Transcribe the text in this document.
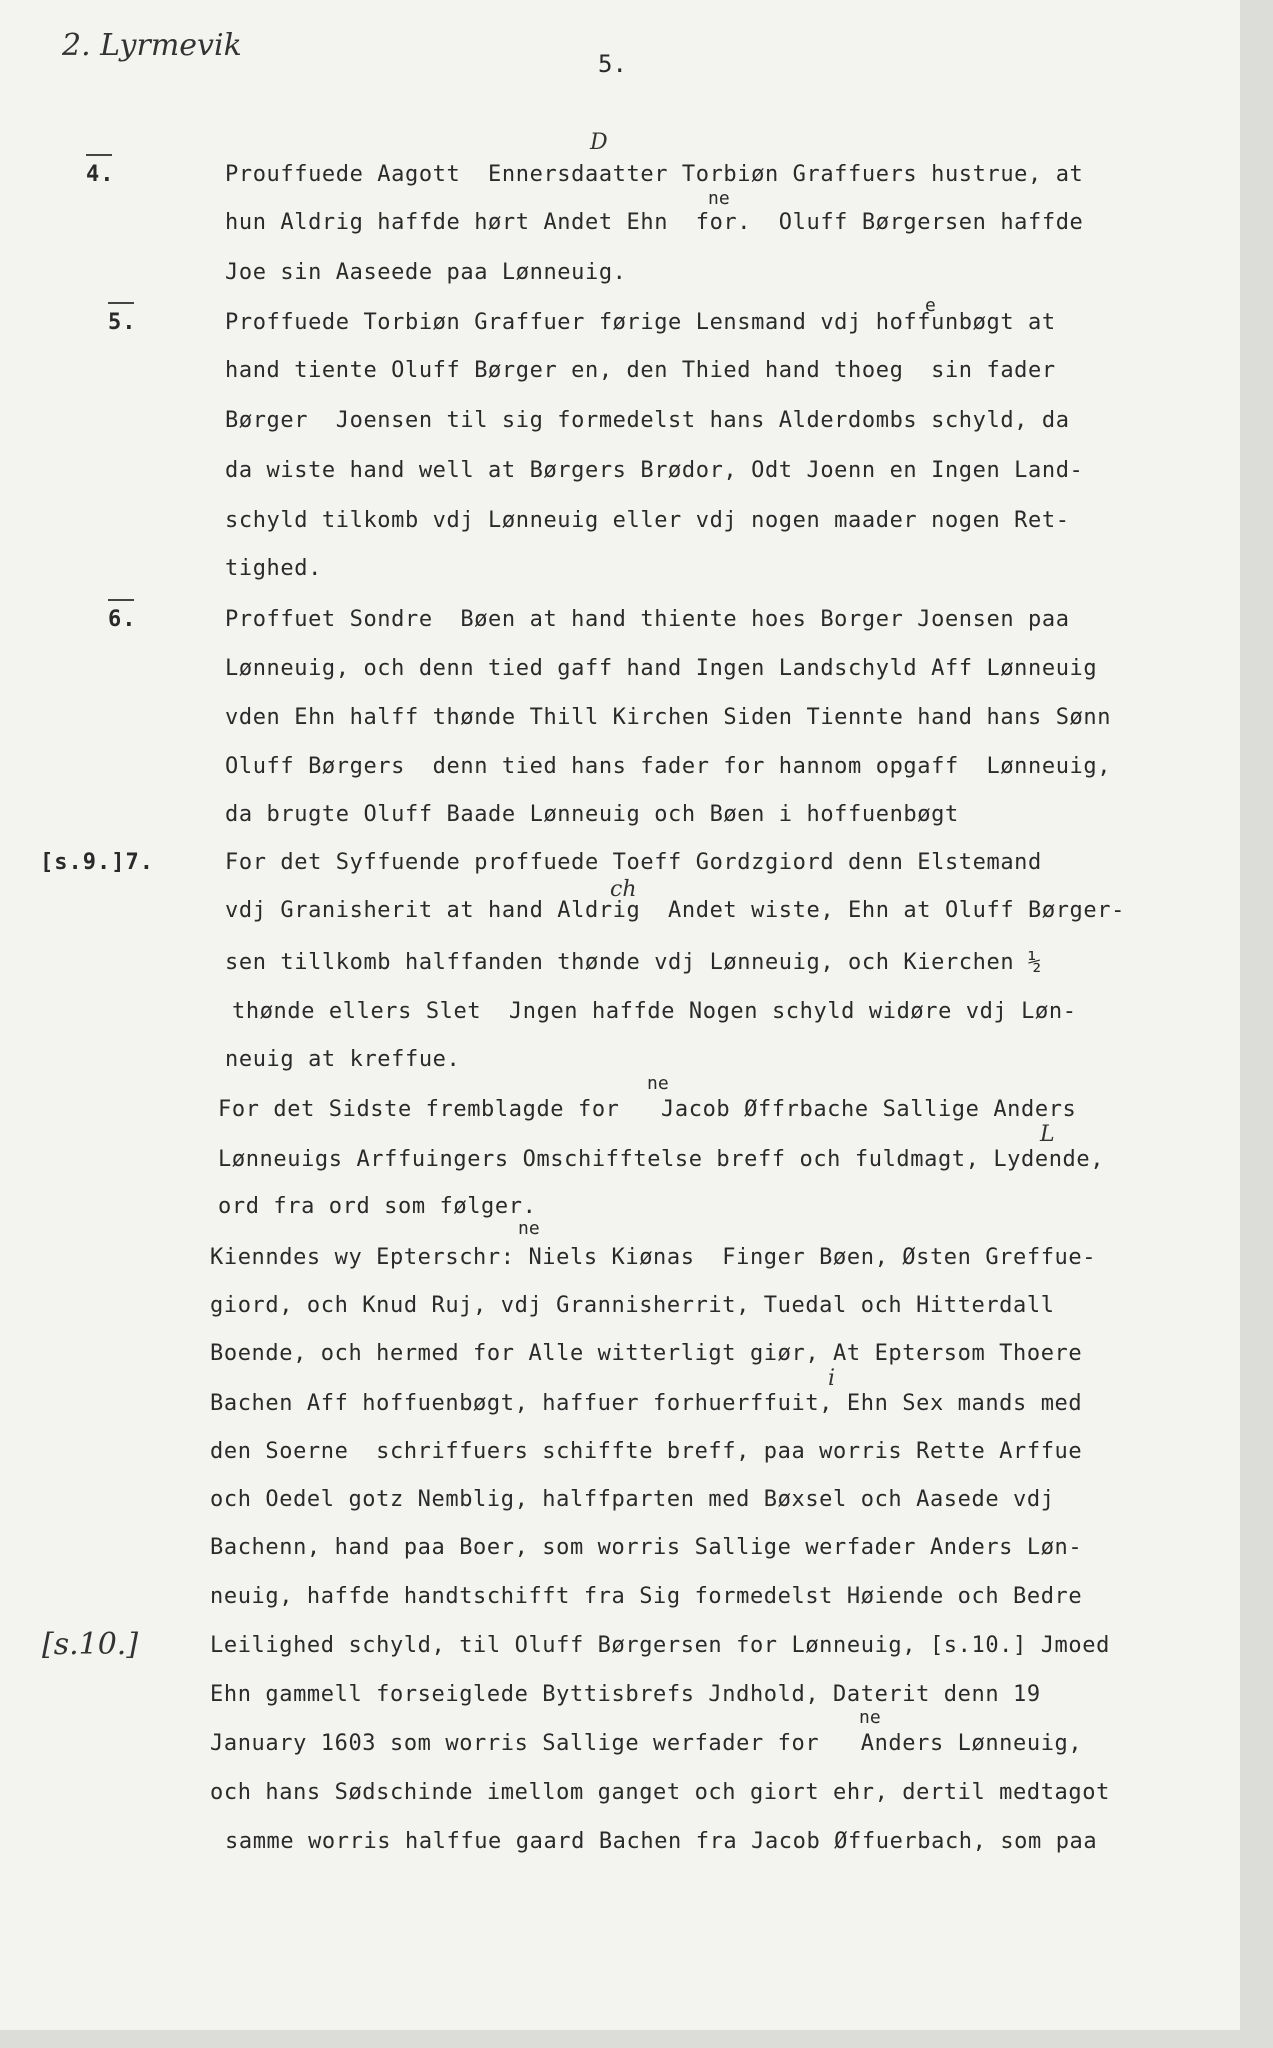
2. Lyrmevik
5.
[s.10.]
4.
5.
6.
[s.9.]7.
D
ne
e
ch
ne
L
ne
i
ne
Prouffuede Aagott  Ennersdaatter Torbiøn Graffuers hustrue, at
hun Aldrig haffde hørt Andet Ehn  for.  Oluff Børgersen haffde
Joe sin Aaseede paa Lønneuig.
Proffuede Torbiøn Graffuer førige Lensmand vdj hoffunbøgt at
hand tiente Oluff Børger en, den Thied hand thoeg  sin fader
Børger  Joensen til sig formedelst hans Alderdombs schyld, da
da wiste hand well at Børgers Brødor, Odt Joenn en Ingen Land-
schyld tilkomb vdj Lønneuig eller vdj nogen maader nogen Ret-
tighed.
Proffuet Sondre  Bøen at hand thiente hoes Borger Joensen paa
Lønneuig, och denn tied gaff hand Ingen Landschyld Aff Lønneuig
vden Ehn halff thønde Thill Kirchen Siden Tiennte hand hans Sønn
Oluff Børgers  denn tied hans fader for hannom opgaff  Lønneuig,
da brugte Oluff Baade Lønneuig och Bøen i hoffuenbøgt
For det Syffuende proffuede Toeff Gordzgiord denn Elstemand
vdj Granisherit at hand Aldrig  Andet wiste, Ehn at Oluff Børger-
sen tillkomb halffanden thønde vdj Lønneuig, och Kierchen ½
thønde ellers Slet  Jngen haffde Nogen schyld widøre vdj Løn-
neuig at kreffue.
For det Sidste fremblagde for   Jacob Øffrbache Sallige Anders
Lønneuigs Arffuingers Omschifftelse breff och fuldmagt, Lydende,
ord fra ord som følger.
Kienndes wy Epterschr: Niels Kiønas  Finger Bøen, Østen Greffue-
giord, och Knud Ruj, vdj Grannisherrit, Tuedal och Hitterdall
Boende, och hermed for Alle witterligt giør, At Eptersom Thoere
Bachen Aff hoffuenbøgt, haffuer forhuerffuit, Ehn Sex mands med
den Soerne  schriffuers schiffte breff, paa worris Rette Arffue
och Oedel gotz Nemblig, halffparten med Bøxsel och Aasede vdj
Bachenn, hand paa Boer, som worris Sallige werfader Anders Løn-
neuig, haffde handtschifft fra Sig formedelst Høiende och Bedre
Leilighed schyld, til Oluff Børgersen for Lønneuig, [s.10.] Jmoed
Ehn gammell forseiglede Byttisbrefs Jndhold, Daterit denn 19
January 1603 som worris Sallige werfader for   Anders Lønneuig,
och hans Sødschinde imellom ganget och giort ehr, dertil medtagot
samme worris halffue gaard Bachen fra Jacob Øffuerbach, som paa
